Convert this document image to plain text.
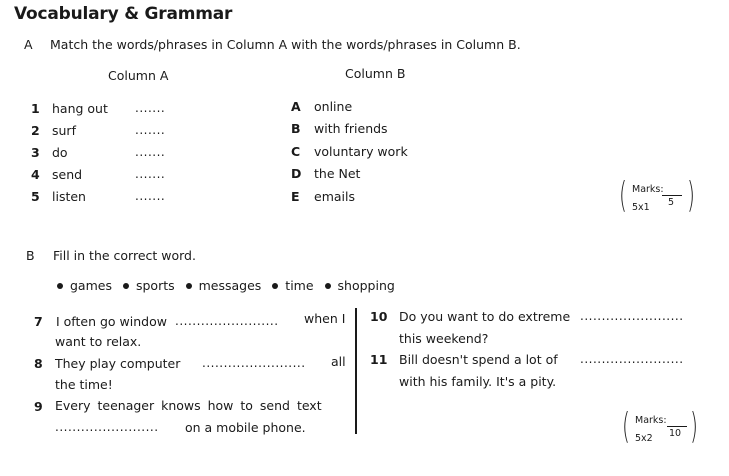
Vocabulary & Grammar
A Match the words/phrases in Column A with the words/phrases in Column B.
Column A	Column B
1 hang out .......
2 surf	.......
3 do	.......
4 send	.......
5 listen	.......
A online
B with friends
C voluntary work
D the Net
E emails	( Marks:
5x1 5 )
B Fill in the correct word.
games sports messages time shopping
7 I often go window ........................ when I
want to relax.
8 They play computer ........................ all
the time!
9 Every teenager knows how to send text
........................ on a mobile phone.
10 Do you want to do extreme ........................
this weekend?
11 Bill doesn't spend a lot of ........................
with his family. It's a pity.
( Marks:
5x2 10 )
